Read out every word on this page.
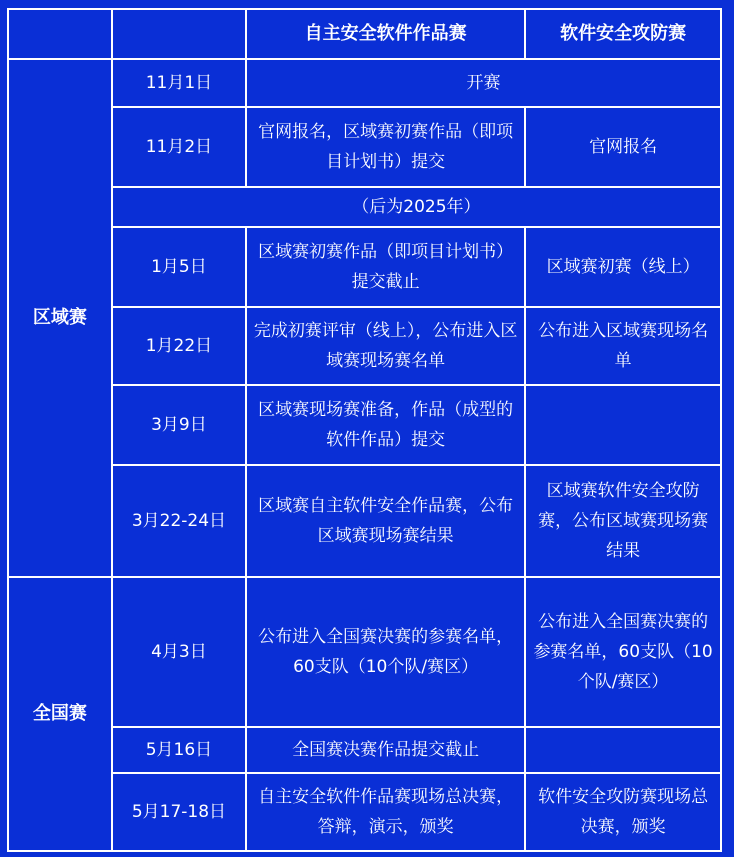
		自主安全软件作品赛	软件安全攻防赛
区域赛	11月1日	开赛	
	11月2日	官网报名，区域赛初赛作品（即项目计划书）提交	官网报名
	（后为2025年）		
	1月5日	区域赛初赛作品（即项目计划书）提交截止	区域赛初赛（线上）
	1月22日	完成初赛评审（线上），公布进入区域赛现场赛名单	公布进入区域赛现场名单
	3月9日	区域赛现场赛准备，作品（成型的软件作品）提交	
	3月22-24日	区域赛自主软件安全作品赛，公布区域赛现场赛结果	区域赛软件安全攻防赛，公布区域赛现场赛结果
全国赛	4月3日	公布进入全国赛决赛的参赛名单，60支队（10个队/赛区）	公布进入全国赛决赛的参赛名单，60支队（10个队/赛区）
	5月16日	全国赛决赛作品提交截止	
	5月17-18日	自主安全软件作品赛现场总决赛，答辩，演示，颁奖	软件安全攻防赛现场总决赛，颁奖
